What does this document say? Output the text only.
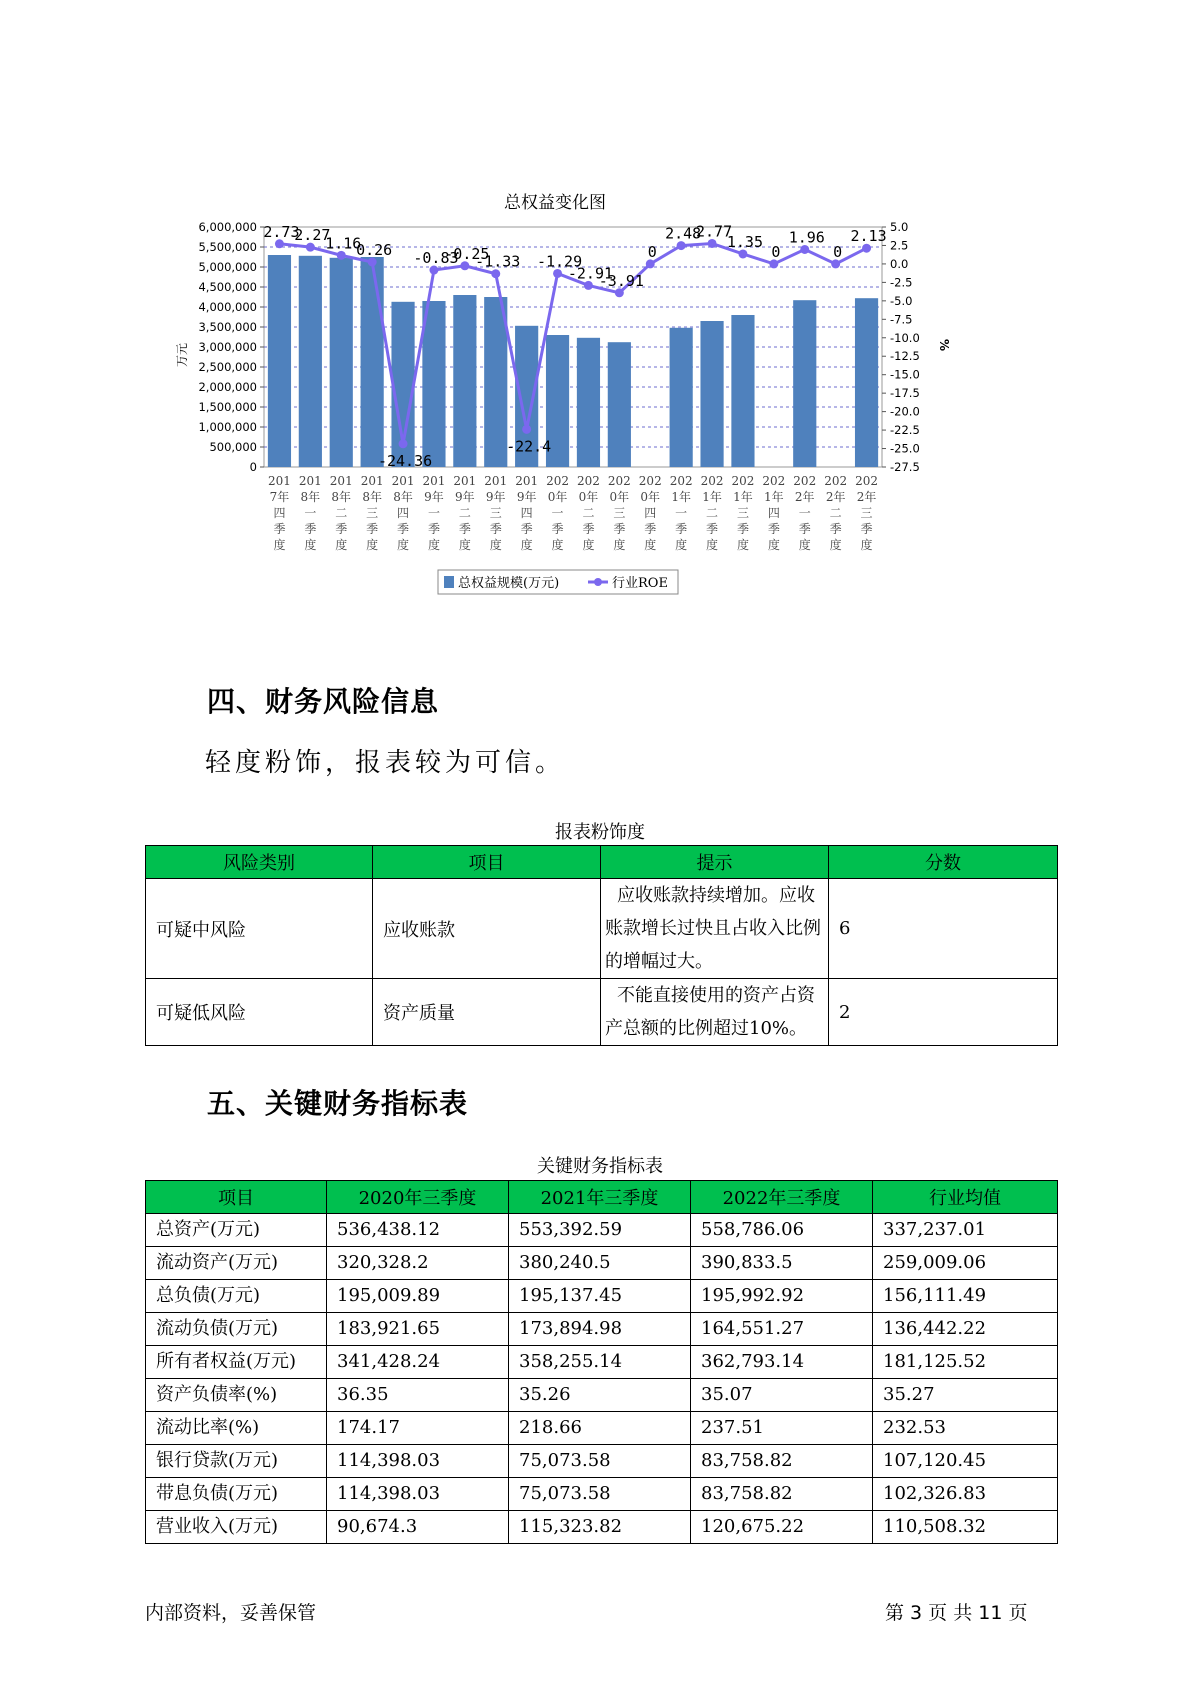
总权益变化图
0
500,000
1,000,000
1,500,000
2,000,000
2,500,000
3,000,000
3,500,000
4,000,000
4,500,000
5,000,000
5,500,000
6,000,000	5.0
2.5
0.0
-2.5
-5.0
-7.5
-10.0
-12.5
-15.0
-17.5
-20.0
-22.5
-25.0
-27.5
万元	%
2.73
2.27
1.16
0.26
-24.36
-0.83
-0.25
-1.33
-22.4
-1.29
-2.91
-3.91
0
2.48
2.77
1.35
0
1.96
0
2.13
201
7年
四
季
度
201
8年
一
季
度
201
8年
二
季
度
201
8年
三
季
度
201
8年
四
季
度
201
9年
一
季
度
201
9年
二
季
度
201
9年
三
季
度
201
9年
四
季
度
202
0年
一
季
度
202
0年
二
季
度
202
0年
三
季
度
202
0年
四
季
度
202
1年
一
季
度
202
1年
二
季
度
202
1年
三
季
度
202
1年
四
季
度
202
2年
一
季
度
202
2年
二
季
度
202
2年
三
季
度
总权益规模(万元)	行业ROE
四、财务风险信息
轻度粉饰，报表较为可信。
报表粉饰度
风险类别	项目	提示	分数
可疑中风险	应收账款	应收账款持续增加。应收账款增长过快且占收入比例的增幅过大。	6
可疑低风险	资产质量	不能直接使用的资产占资产总额的比例超过10%。	2
五、关键财务指标表
关键财务指标表
项目	2020年三季度	2021年三季度	2022年三季度	行业均值
总资产(万元)	536,438.12	553,392.59	558,786.06	337,237.01
流动资产(万元)	320,328.2	380,240.5	390,833.5	259,009.06
总负债(万元)	195,009.89	195,137.45	195,992.92	156,111.49
流动负债(万元)	183,921.65	173,894.98	164,551.27	136,442.22
所有者权益(万元)	341,428.24	358,255.14	362,793.14	181,125.52
资产负债率(%)	36.35	35.26	35.07	35.27
流动比率(%)	174.17	218.66	237.51	232.53
银行贷款(万元)	114,398.03	75,073.58	83,758.82	107,120.45
带息负债(万元)	114,398.03	75,073.58	83,758.82	102,326.83
营业收入(万元)	90,674.3	115,323.82	120,675.22	110,508.32
内部资料，妥善保管	第 3 页 共 11 页
